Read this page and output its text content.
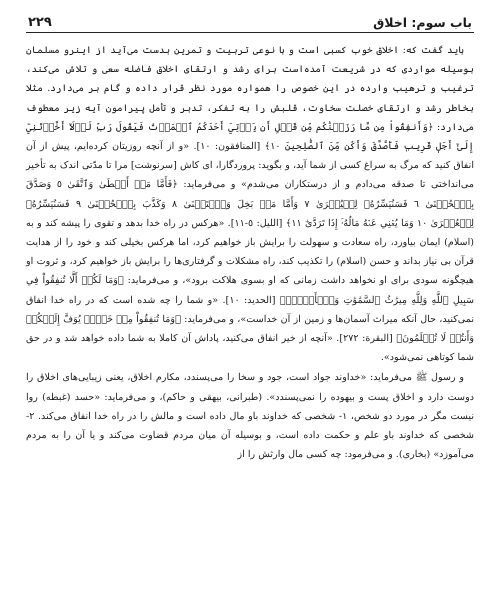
باب سوم: اخلاق
۲۲۹

باید گفت که: اخلاق خوب کسبی است و با نوعی تربیت و تمرین بدست می‌آید از اینرو مسلمان بوسیله مواردی که در شریعت آمده‌است برای رشد و ارتقای اخلاق فاضله سعی و تلاش می‌کند، ترغیب و ترهیب وارده در این خصوص را همواره مورد نظر قرار داده و گام بر می‌دارد. مثلا بخاطر رشد و ارتقای خصلت سخاوت، قلبش را به تفکر، تدبر و تأمل پیرامون آیه زیر معطوف می‌دارد: ﴿وَأَنفِقُواْ مِن مَّا رَزَقۡنَٰكُم مِّن قَبۡلِ أَن يَأۡتِيَ أَحَدَكُمُ ٱلۡمَوۡتُ فَيَقُولَ رَبِّ لَوۡلَآ أَخَّرۡتَنِيٓ إِلَىٰٓ أَجَلٖ قَرِيبٖ فَأَصَّدَّقَ وَأَكُن مِّنَ ٱلصَّٰلِحِينَ ١٠﴾ [المنافقون: ١٠]. «و از آنچه روزیتان کرده‌ایم، پیش از آن انفاق کنید که مرگ به سراغ کسی از شما آید، و بگوید: پروردگارا، ای کاش [سرنوشت] مرا تا مدّتی اندک به تأخیر می‌انداختی تا صدقه می‌دادم و از درستکاران می‌شدم» و می‌فرماید: ﴿فَأَمَّا مَنۡ أَعۡطَىٰ وَٱتَّقَىٰ ٥ وَصَدَّقَ بِٱلۡحُسۡنَىٰ ٦ فَسَنُيَسِّرُهُۥ لِلۡيُسۡرَىٰ ٧ وَأَمَّا مَنۢ بَخِلَ وَٱسۡتَغۡنَىٰ ٨ وَكَذَّبَ بِٱلۡحُسۡنَىٰ ٩ فَسَنُيَسِّرُهُۥ لِلۡعُسۡرَىٰ ١٠ وَمَا يُغۡنِي عَنۡهُ مَالُهُۥٓ إِذَا تَرَدَّىٰٓ ١١﴾ [الليل: ٥-١١]. «هرکس در راه خدا بدهد و تقوی را پیشه کند و به (اسلام) ایمان بیاورد، راه سعادت و سهولت را برایش باز خواهیم کرد، اما هرکس بخیلی کند و خود را از هدایت قرآن بی نیاز بداند و حسن (اسلام) را تکذیب کند، راه مشکلات و گرفتاری‌ها را برایش باز خواهیم کرد، و ثروت او هیچگونه سودی برای او نخواهد داشت زمانی که او بسوی هلاکت برود»، و می‌فرماید: ﴿وَمَا لَكُمۡ أَلَّا تُنفِقُواْ فِي سَبِيلِ ٱللَّهِ وَلِلَّهِ مِيرَٰثُ ٱلسَّمَٰوَٰتِ وَٱلۡأَرۡضِۚ﴾ [الحديد: ١٠]. «و شما را چه شده است که در راه خدا انفاق نمی‌کنید، حال آنکه میراث آسمان‌ها و زمین از آن خداست»، و می‌فرماید: ﴿وَمَا تُنفِقُواْ مِنۡ خَيۡرٖ يُوَفَّ إِلَيۡكُمۡ وَأَنتُمۡ لَا تُظۡلَمُونَ﴾ [البقرة: ٢٧٢]. «آنچه از خیر انفاق می‌کنید، پاداش آن کاملا به شما داده خواهد شد و در حق شما کوتاهی نمی‌شود».

و رسول ﷺ می‌فرماید: «خداوند جواد است، جود و سخا را می‌پسندد، مکارم اخلاق، یعنی زیبایی‌های اخلاق را دوست دارد و اخلاق پست و بیهوده را نمی‌پسندد». (طبرانی، بیهقی و حاکم)، و می‌فرماید: «حسد (غبطه) روا نیست مگر در مورد دو شخص، ١- شخصی که خداوند باو مال داده است و مالش را در راه خدا انفاق می‌کند. ٢- شخصی که خداوند باو علم و حکمت داده است، و بوسیله آن میان مردم قضاوت می‌کند و یا آن را به مردم می‌آموزد» (بخاری). و می‌فرمود: چه کسی مال وارثش را از
